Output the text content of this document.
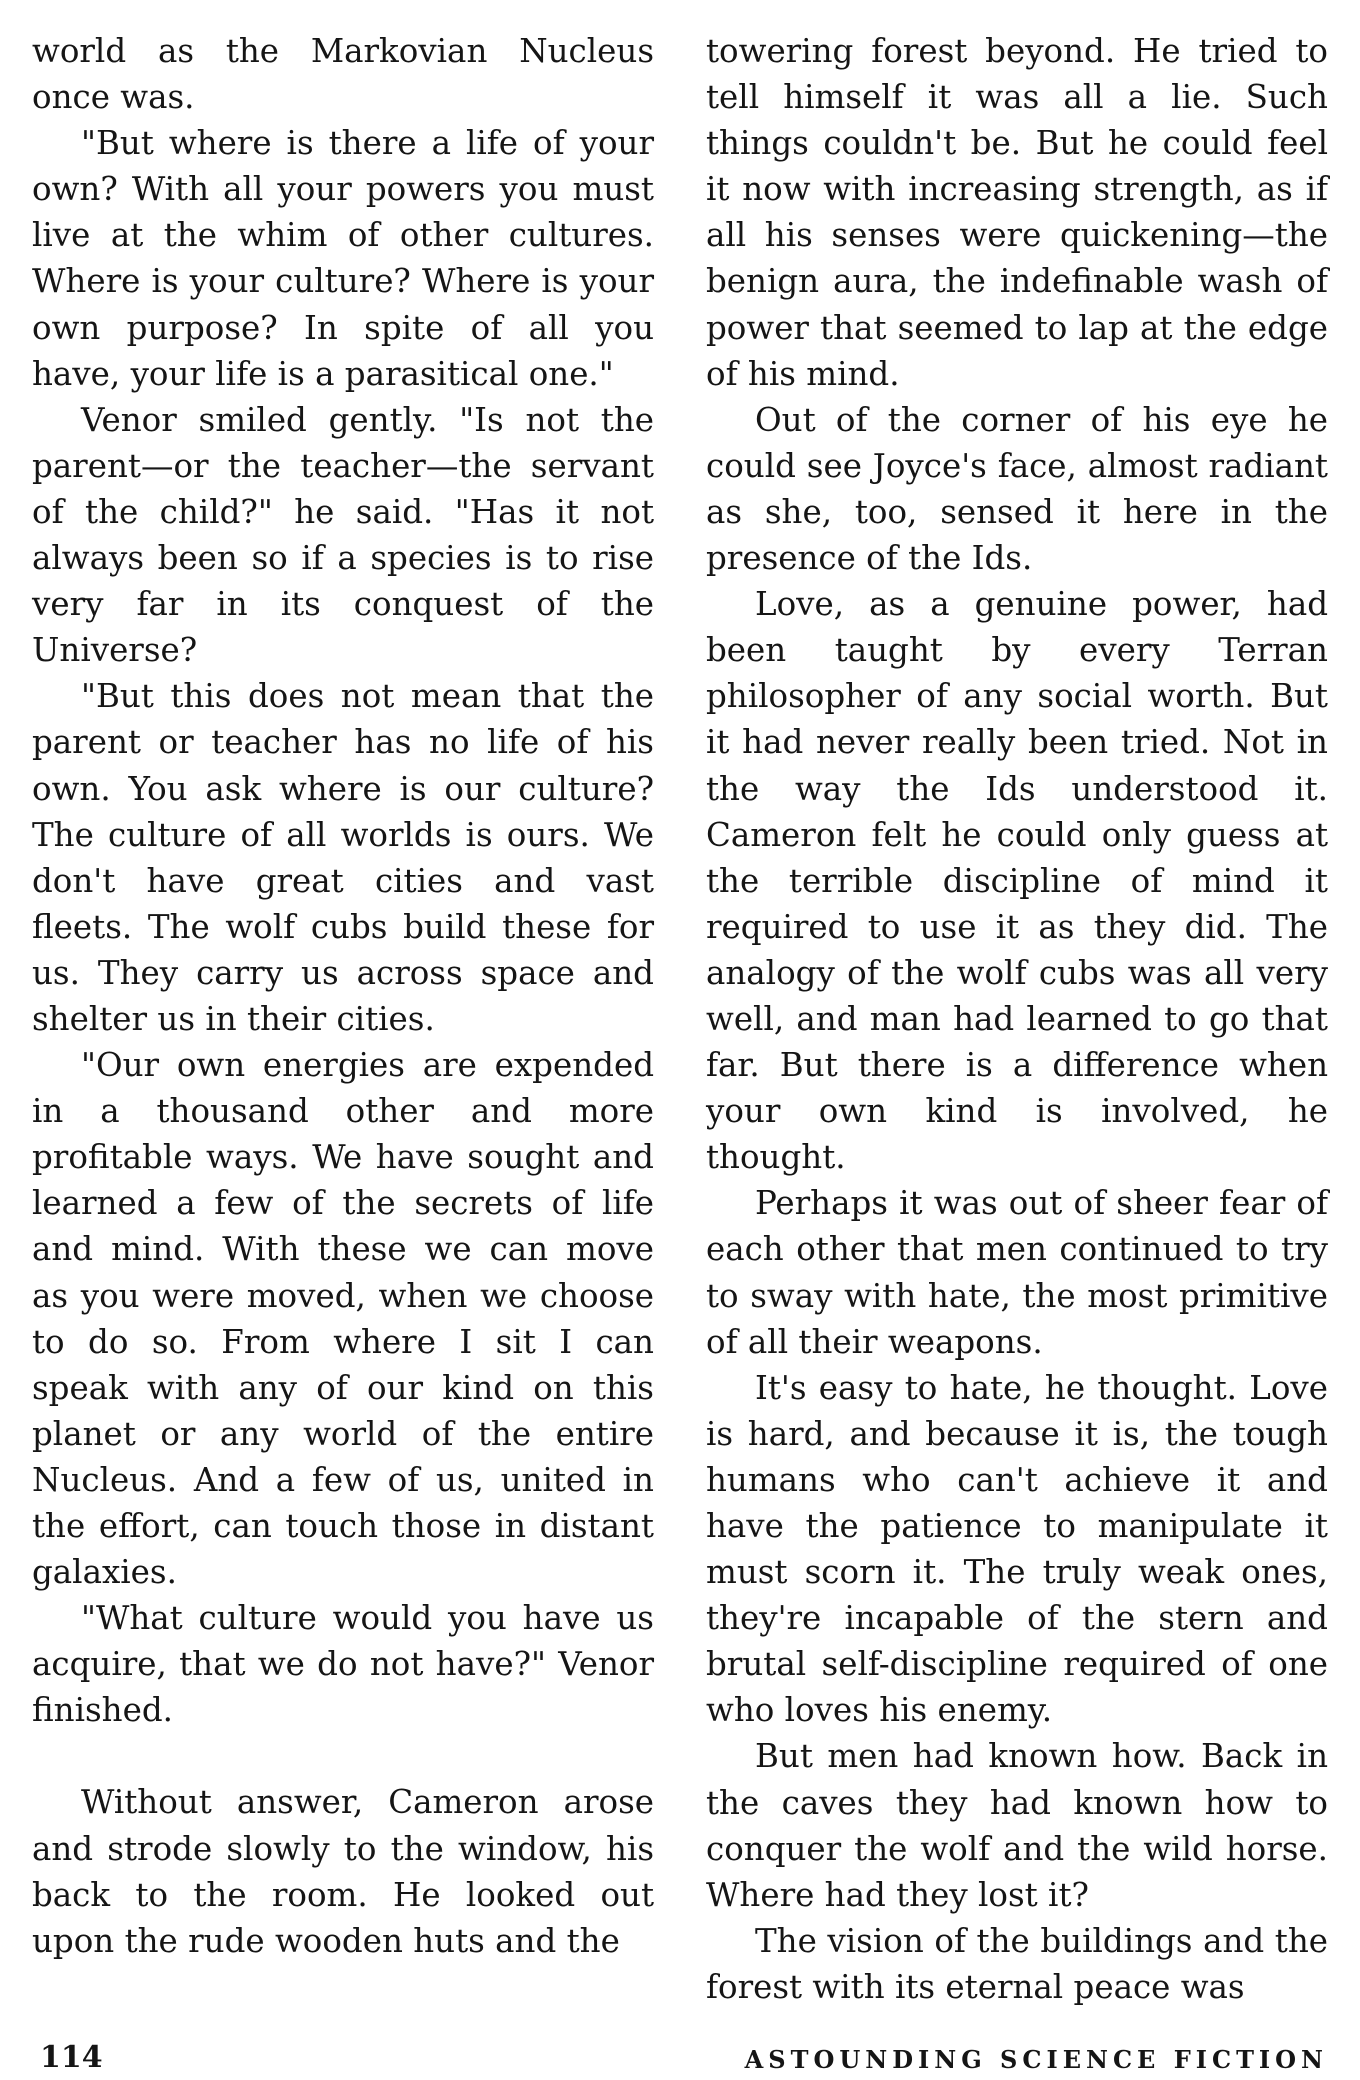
world as the Markovian Nucleus once was.

"But where is there a life of your own? With all your powers you must live at the whim of other cultures. Where is your culture? Where is your own purpose? In spite of all you have, your life is a parasitical one."

Venor smiled gently. "Is not the parent—or the teacher—the servant of the child?" he said. "Has it not always been so if a species is to rise very far in its conquest of the Universe?

"But this does not mean that the parent or teacher has no life of his own. You ask where is our culture? The culture of all worlds is ours. We don't have great cities and vast fleets. The wolf cubs build these for us. They carry us across space and shelter us in their cities.

"Our own energies are expended in a thousand other and more profitable ways. We have sought and learned a few of the secrets of life and mind. With these we can move as you were moved, when we choose to do so. From where I sit I can speak with any of our kind on this planet or any world of the entire Nucleus. And a few of us, united in the effort, can touch those in distant galaxies.

"What culture would you have us acquire, that we do not have?" Venor finished.

Without answer, Cameron arose and strode slowly to the window, his back to the room. He looked out upon the rude wooden huts and the

towering forest beyond. He tried to tell himself it was all a lie. Such things couldn't be. But he could feel it now with increasing strength, as if all his senses were quickening—the benign aura, the indefinable wash of power that seemed to lap at the edge of his mind.

Out of the corner of his eye he could see Joyce's face, almost radiant as she, too, sensed it here in the presence of the Ids.

Love, as a genuine power, had been taught by every Terran philosopher of any social worth. But it had never really been tried. Not in the way the Ids understood it. Cameron felt he could only guess at the terrible discipline of mind it required to use it as they did. The analogy of the wolf cubs was all very well, and man had learned to go that far. But there is a difference when your own kind is involved, he thought.

Perhaps it was out of sheer fear of each other that men continued to try to sway with hate, the most primitive of all their weapons.

It's easy to hate, he thought. Love is hard, and because it is, the tough humans who can't achieve it and have the patience to manipulate it must scorn it. The truly weak ones, they're incapable of the stern and brutal self-discipline required of one who loves his enemy.

But men had known how. Back in the caves they had known how to conquer the wolf and the wild horse. Where had they lost it?

The vision of the buildings and the forest with its eternal peace was

114	ASTOUNDING SCIENCE FICTION
